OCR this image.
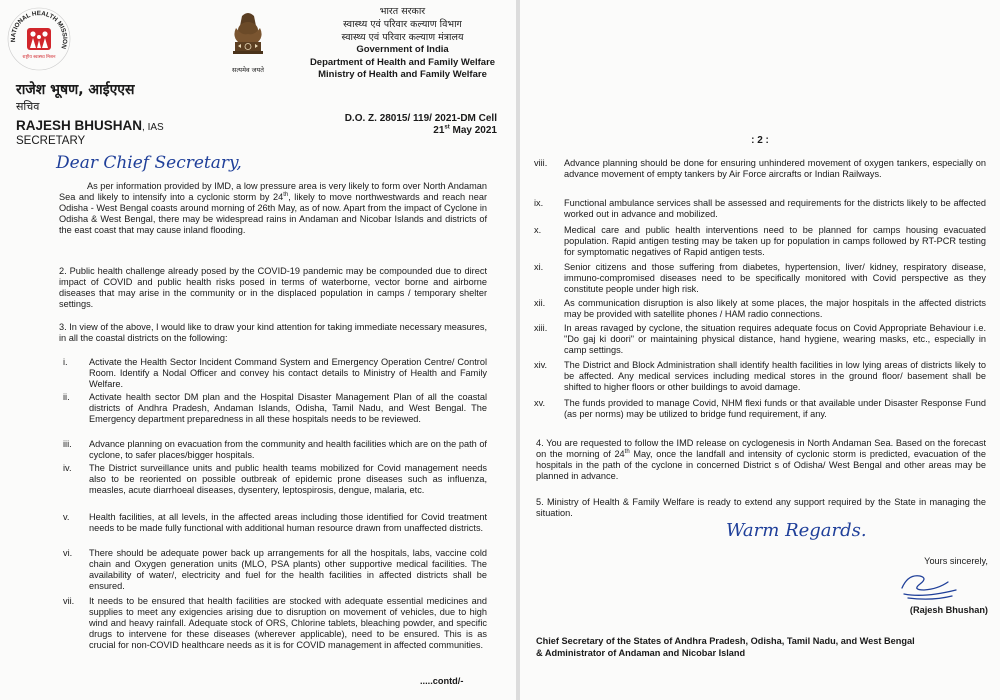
NATIONAL HEALTH MISSION
राष्ट्रीय स्वास्थ्य मिशन
सत्यमेव जयते
राजेश भूषण, आईएएस
सचिव
RAJESH BHUSHAN, IAS
SECRETARY
भारत सरकार
स्वास्थ्य एवं परिवार कल्याण विभाग
स्वास्थ्य एवं परिवार कल्याण मंत्रालय
Government of India
Department of Health and Family Welfare
Ministry of Health and Family Welfare
D.O. Z. 28015/ 119/ 2021-DM Cell
21st May 2021
Dear Chief Secretary,
As per information provided by IMD, a low pressure area is very likely to form over North Andaman Sea and likely to intensify into a cyclonic storm by 24th, likely to move northwestwards and reach near Odisha - West Bengal coasts around morning of 26th May, as of now. Apart from the impact of Cyclone in Odisha & West Bengal, there may be widespread rains in Andaman and Nicobar Islands and districts of the east coast that may cause inland flooding.
2. Public health challenge already posed by the COVID-19 pandemic may be compounded due to direct impact of COVID and public health risks posed in terms of waterborne, vector borne and airborne diseases that may arise in the community or in the displaced population in camps / temporary shelter settings.
3. In view of the above, I would like to draw your kind attention for taking immediate necessary measures, in all the coastal districts on the following:
i. Activate the Health Sector Incident Command System and Emergency Operation Centre/ Control Room. Identify a Nodal Officer and convey his contact details to Ministry of Health and Family Welfare.
ii. Activate health sector DM plan and the Hospital Disaster Management Plan of all the coastal districts of Andhra Pradesh, Andaman Islands, Odisha, Tamil Nadu, and West Bengal. The Emergency department preparedness in all these hospitals needs to be reviewed.
iii. Advance planning on evacuation from the community and health facilities which are on the path of cyclone, to safer places/bigger hospitals.
iv. The District surveillance units and public health teams mobilized for Covid management needs also to be reoriented on possible outbreak of epidemic prone diseases such as influenza, measles, acute diarrhoeal diseases, dysentery, leptospirosis, dengue, malaria, etc.
v. Health facilities, at all levels, in the affected areas including those identified for Covid treatment needs to be made fully functional with additional human resource drawn from unaffected districts.
vi. There should be adequate power back up arrangements for all the hospitals, labs, vaccine cold chain and Oxygen generation units (MLO, PSA plants) other supportive medical facilities. The availability of water/, electricity and fuel for the health facilities in affected districts shall be ensured.
vii. It needs to be ensured that health facilities are stocked with adequate essential medicines and supplies to meet any exigencies arising due to disruption on movement of vehicles, due to high wind and heavy rainfall. Adequate stock of ORS, Chlorine tablets, bleaching powder, and specific drugs to intervene for these diseases (wherever applicable), need to be ensured. This is as crucial for non-COVID healthcare needs as it is for COVID management in affected communities.
.....contd/-
: 2 :
viii. Advance planning should be done for ensuring unhindered movement of oxygen tankers, especially on advance movement of empty tankers by Air Force aircrafts or Indian Railways.
ix. Functional ambulance services shall be assessed and requirements for the districts likely to be affected worked out in advance and mobilized.
x. Medical care and public health interventions need to be planned for camps housing evacuated population. Rapid antigen testing may be taken up for population in camps followed by RT-PCR testing for symptomatic negatives of Rapid antigen tests.
xi. Senior citizens and those suffering from diabetes, hypertension, liver/ kidney, respiratory disease, immuno-compromised diseases need to be specifically monitored with Covid perspective as they constitute people under high risk.
xii. As communication disruption is also likely at some places, the major hospitals in the affected districts may be provided with satellite phones / HAM radio connections.
xiii. In areas ravaged by cyclone, the situation requires adequate focus on Covid Appropriate Behaviour i.e. "Do gaj ki doori" or maintaining physical distance, hand hygiene, wearing masks, etc., especially in camp settings.
xiv. The District and Block Administration shall identify health facilities in low lying areas of districts likely to be affected. Any medical services including medical stores in the ground floor/ basement shall be shifted to higher floors or other buildings to avoid damage.
xv. The funds provided to manage Covid, NHM flexi funds or that available under Disaster Response Fund (as per norms) may be utilized to bridge fund requirement, if any.
4. You are requested to follow the IMD release on cyclogenesis in North Andaman Sea. Based on the forecast on the morning of 24th May, once the landfall and intensity of cyclonic storm is predicted, evacuation of the hospitals in the path of the cyclone in concerned District s of Odisha/ West Bengal and other areas may be planned in advance.
5. Ministry of Health & Family Welfare is ready to extend any support required by the State in managing the situation.
Warm Regards.
Yours sincerely,
(Rajesh Bhushan)
Chief Secretary of the States of Andhra Pradesh, Odisha, Tamil Nadu, and West Bengal
& Administrator of Andaman and Nicobar Island
